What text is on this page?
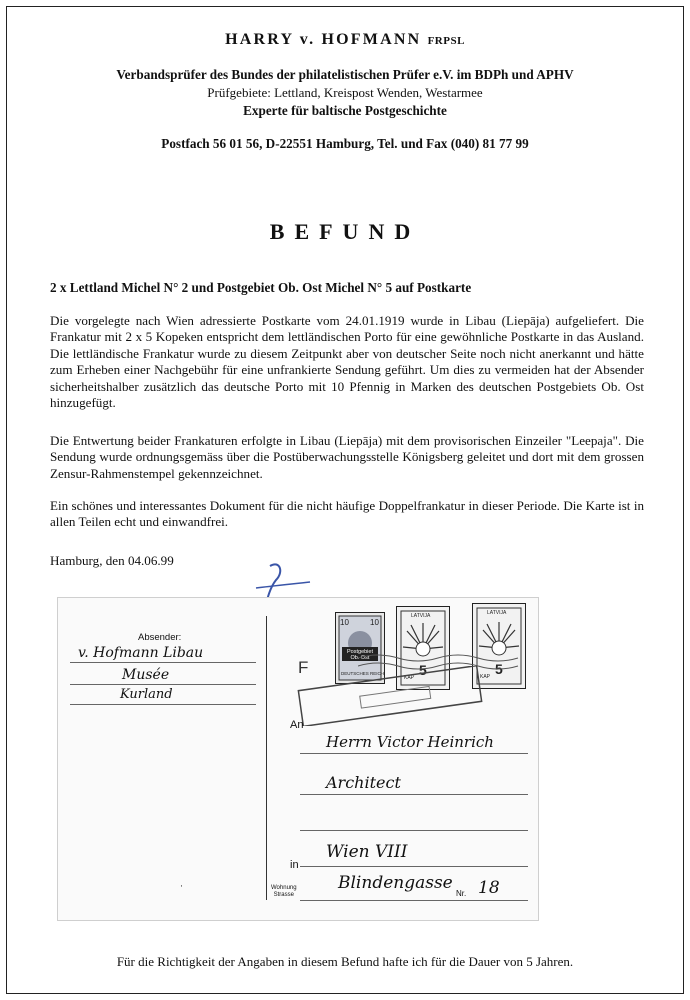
HARRY v. HOFMANN FRPSL
Verbandsprüfer des Bundes der philatelistischen Prüfer e.V. im BDPh und APHV
Prüfgebiete: Lettland, Kreispost Wenden, Westarmee
Experte für baltische Postgeschichte
Postfach 56 01 56, D-22551 Hamburg, Tel. und Fax (040) 81 77 99
BEFUND
2 x Lettland Michel N° 2 und Postgebiet Ob. Ost Michel N° 5 auf Postkarte
Die vorgelegte nach Wien adressierte Postkarte vom 24.01.1919 wurde in Libau (Liepāja) aufgeliefert. Die Frankatur mit 2 x 5 Kopeken entspricht dem lettländischen Porto für eine gewöhnliche Postkarte in das Ausland. Die lettländische Frankatur wurde zu diesem Zeitpunkt aber von deutscher Seite noch nicht anerkannt und hätte zum Erheben einer Nachgebühr für eine unfrankierte Sendung geführt. Um dies zu vermeiden hat der Absender sicherheitshalber zusätzlich das deutsche Porto mit 10 Pfennig in Marken des deutschen Postgebiets Ob. Ost hinzugefügt.
Die Entwertung beider Frankaturen erfolgte in Libau (Liepāja) mit dem provisorischen Einzeiler "Leepaja". Die Sendung wurde ordnungsgemäss über die Postüberwachungsstelle Königsberg geleitet und dort mit dem grossen Zensur-Rahmenstempel gekennzeichnet.
Ein schönes und interessantes Dokument für die nicht häufige Doppelfrankatur in dieser Periode. Die Karte ist in allen Teilen echt und einwandfrei.
Hamburg, den 04.06.99
Absender:
v. Hofmann Libau
Musée
Kurland
·
F
10	10
Postgebiet Ob. Ost
DEUTSCHES REICH
LATVIJA
5
KAP
LATVIJA
5
KAP
An
Herrn Victor Heinrich
Architect
in
Wien VIII
Wohnung
Strasse
Blindengasse
Nr. 18
Für die Richtigkeit der Angaben in diesem Befund hafte ich für die Dauer von 5 Jahren.
